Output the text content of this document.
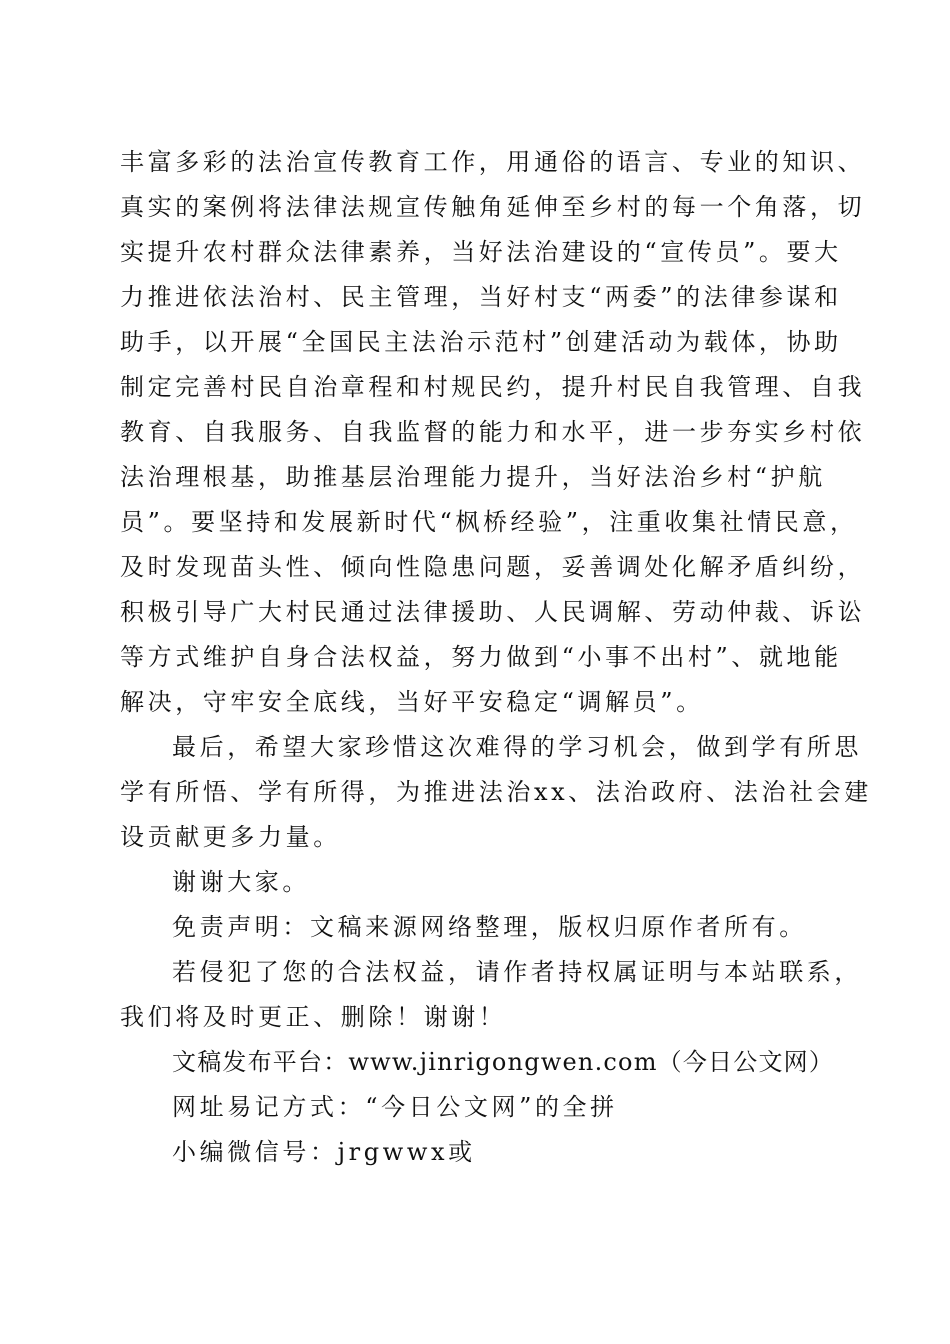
丰富多彩的法治宣传教育工作，用通俗的语言、专业的知识、
真实的案例将法律法规宣传触角延伸至乡村的每一个角落，切
实提升农村群众法律素养，当好法治建设的“宣传员”。要大
力推进依法治村、民主管理，当好村支“两委”的法律参谋和
助手，以开展“全国民主法治示范村”创建活动为载体，协助
制定完善村民自治章程和村规民约，提升村民自我管理、自我
教育、自我服务、自我监督的能力和水平，进一步夯实乡村依
法治理根基，助推基层治理能力提升，当好法治乡村“护航
员”。要坚持和发展新时代“枫桥经验”，注重收集社情民意，
及时发现苗头性、倾向性隐患问题，妥善调处化解矛盾纠纷，
积极引导广大村民通过法律援助、人民调解、劳动仲裁、诉讼
等方式维护自身合法权益，努力做到“小事不出村”、就地能
解决，守牢安全底线，当好平安稳定“调解员”。
最后，希望大家珍惜这次难得的学习机会，做到学有所思
学有所悟、学有所得，为推进法治xx、法治政府、法治社会建
设贡献更多力量。
谢谢大家。
免责声明：文稿来源网络整理，版权归原作者所有。
若侵犯了您的合法权益，请作者持权属证明与本站联系，
我们将及时更正、删除！谢谢！
文稿发布平台：www.jinrigongwen.com（今日公文网）
网址易记方式：“今日公文网”的全拼
小编微信号：jrgwwx或
